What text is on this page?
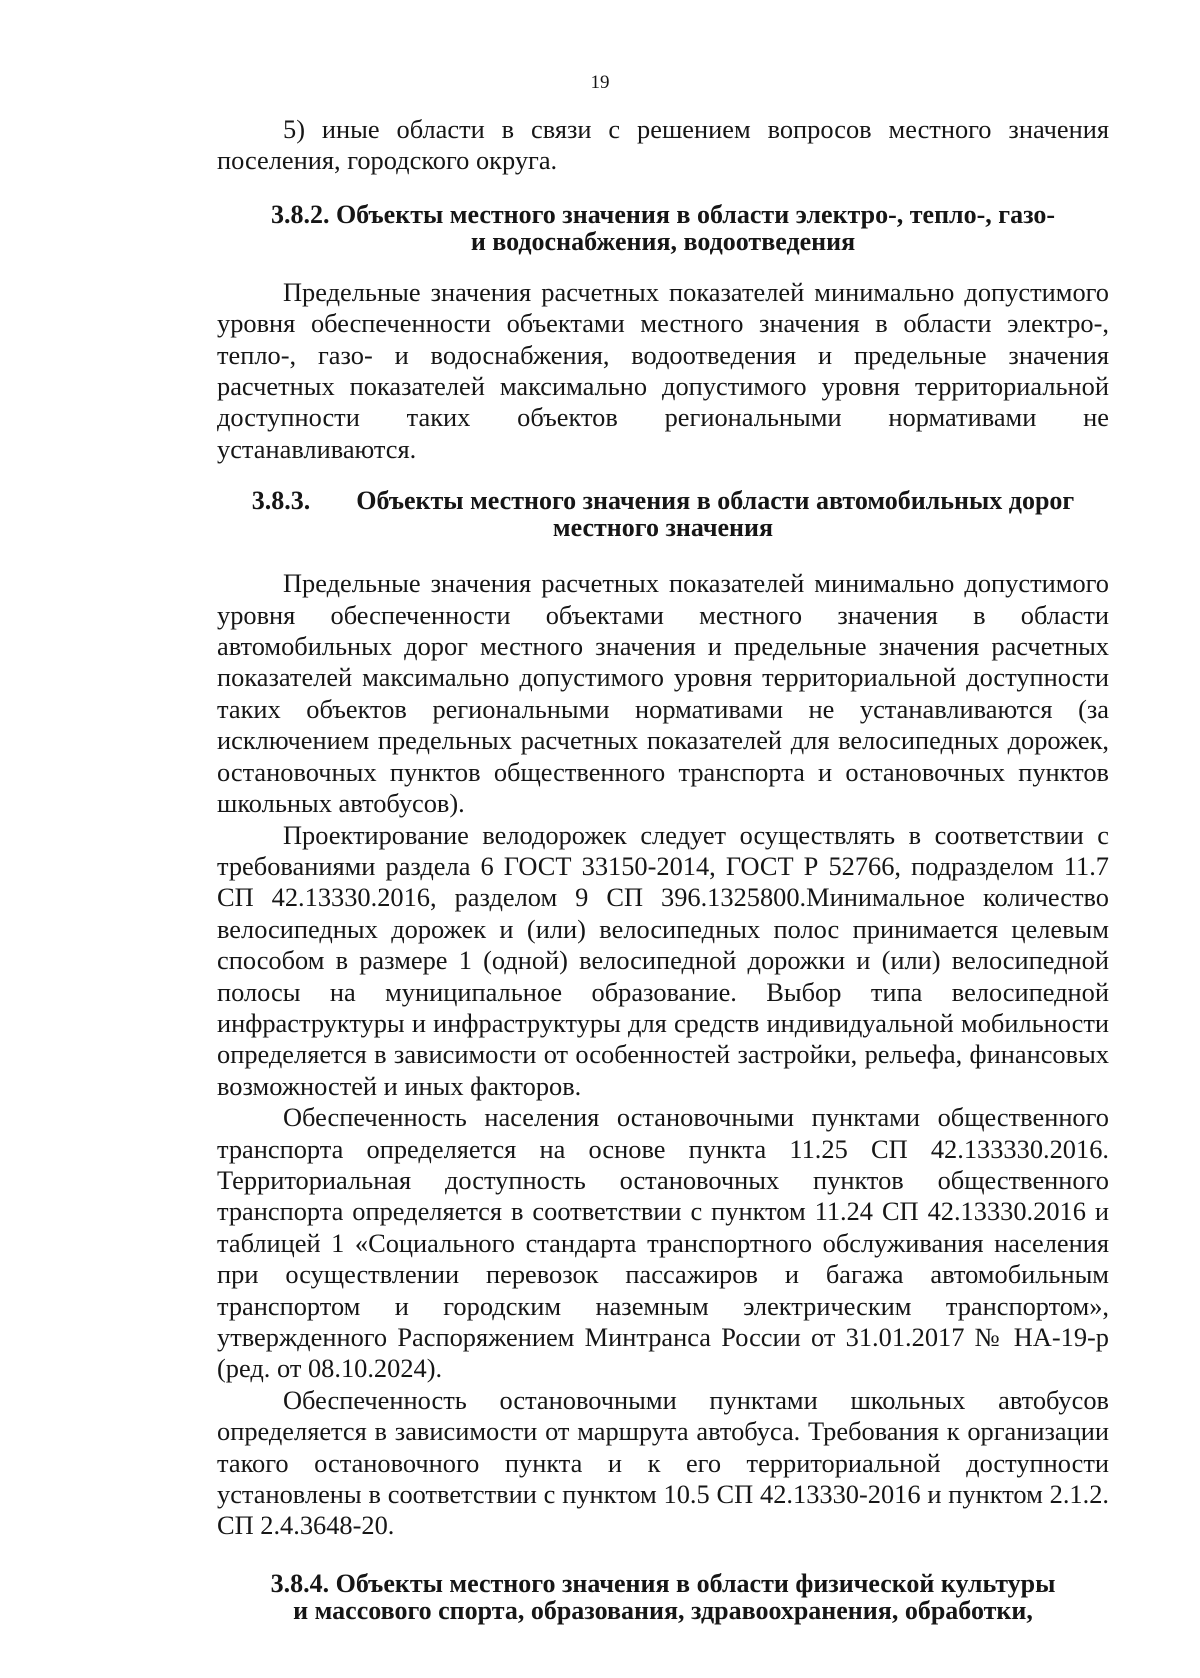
19

5) иные области в связи с решением вопросов местного значения поселения, городского округа.

3.8.2. Объекты местного значения в области электро-, тепло-, газо-
и водоснабжения, водоотведения

Предельные значения расчетных показателей минимально допустимого уровня обеспеченности объектами местного значения в области электро-, тепло-, газо- и водоснабжения, водоотведения и предельные значения расчетных показателей максимально допустимого уровня территориальной доступности таких объектов региональными нормативами не устанавливаются.

3.8.3. Объекты местного значения в области автомобильных дорог
местного значения

Предельные значения расчетных показателей минимально допустимого уровня обеспеченности объектами местного значения в области автомобильных дорог местного значения и предельные значения расчетных показателей максимально допустимого уровня территориальной доступности таких объектов региональными нормативами не устанавливаются (за исключением предельных расчетных показателей для велосипедных дорожек, остановочных пунктов общественного транспорта и остановочных пунктов школьных автобусов).

Проектирование велодорожек следует осуществлять в соответствии с требованиями раздела 6 ГОСТ 33150-2014, ГОСТ Р 52766, подразделом 11.7 СП 42.13330.2016, разделом 9 СП 396.1325800.Минимальное количество велосипедных дорожек и (или) велосипедных полос принимается целевым способом в размере 1 (одной) велосипедной дорожки и (или) велосипедной полосы на муниципальное образование. Выбор типа велосипедной инфраструктуры и инфраструктуры для средств индивидуальной мобильности определяется в зависимости от особенностей застройки, рельефа, финансовых возможностей и иных факторов.

Обеспеченность населения остановочными пунктами общественного транспорта определяется на основе пункта 11.25 СП 42.133330.2016. Территориальная доступность остановочных пунктов общественного транспорта определяется в соответствии с пунктом 11.24 СП 42.13330.2016 и таблицей 1 «Социального стандарта транспортного обслуживания населения при осуществлении перевозок пассажиров и багажа автомобильным транспортом и городским наземным электрическим транспортом», утвержденного Распоряжением Минтранса России от 31.01.2017 № НА-19-р (ред. от 08.10.2024).

Обеспеченность остановочными пунктами школьных автобусов определяется в зависимости от маршрута автобуса. Требования к организации такого остановочного пункта и к его территориальной доступности установлены в соответствии с пунктом 10.5 СП 42.13330-2016 и пунктом 2.1.2. СП 2.4.3648-20.

3.8.4. Объекты местного значения в области физической культуры
и массового спорта, образования, здравоохранения, обработки,
